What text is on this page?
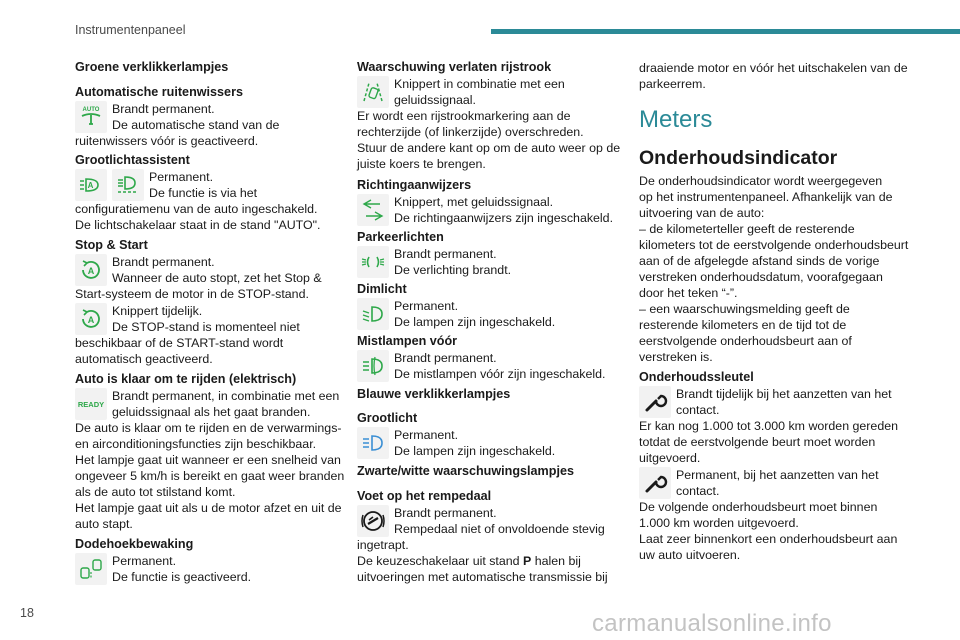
Instrumentenpaneel
Groene verklikkerlampjes
Automatische ruitenwissers
AUTO Brandt permanent.
De automatische stand van de
ruitenwissers vóór is geactiveerd.
Grootlichtassistent
A
Permanent.
De functie is via het
configuratiemenu van de auto ingeschakeld.
De lichtschakelaar staat in de stand "AUTO".
Stop & Start
A
Brandt permanent.
Wanneer de auto stopt, zet het Stop &
Start-systeem de motor in de STOP-stand.
A
Knippert tijdelijk.
De STOP-stand is momenteel niet
beschikbaar of de START-stand wordt
automatisch geactiveerd.
Auto is klaar om te rijden (elektrisch)
READY
Brandt permanent, in combinatie met een
geluidssignaal als het gaat branden.
De auto is klaar om te rijden en de verwarmings-
en airconditioningsfuncties zijn beschikbaar.
Het lampje gaat uit wanneer er een snelheid van
ongeveer 5 km/h is bereikt en gaat weer branden
als de auto tot stilstand komt.
Het lampje gaat uit als u de motor afzet en uit de
auto stapt.
Dodehoekbewaking
Permanent.
De functie is geactiveerd.
Waarschuwing verlaten rijstrook
Knippert in combinatie met een
geluidssignaal.
Er wordt een rijstrookmarkering aan de
rechterzijde (of linkerzijde) overschreden.
Stuur de andere kant op om de auto weer op de
juiste koers te brengen.
Richtingaanwijzers
Knippert, met geluidssignaal.
De richtingaanwijzers zijn ingeschakeld.
Parkeerlichten
Brandt permanent.
De verlichting brandt.
Dimlicht
Permanent.
De lampen zijn ingeschakeld.
Mistlampen vóór
Brandt permanent.
De mistlampen vóór zijn ingeschakeld.
Blauwe verklikkerlampjes
Grootlicht
Permanent.
De lampen zijn ingeschakeld.
Zwarte/witte waarschuwingslampjes
Voet op het rempedaal
Brandt permanent.
Rempedaal niet of onvoldoende stevig
ingetrapt.
De keuzeschakelaar uit stand P halen bij
uitvoeringen met automatische transmissie bij
draaiende motor en vóór het uitschakelen van de
parkeerrem.
Meters
Onderhoudsindicator
De onderhoudsindicator wordt weergegeven
op het instrumentenpaneel. Afhankelijk van de
uitvoering van de auto:
– de kilometerteller geeft de resterende
kilometers tot de eerstvolgende onderhoudsbeurt
aan of de afgelegde afstand sinds de vorige
verstreken onderhoudsdatum, voorafgegaan
door het teken “-”.
– een waarschuwingsmelding geeft de
resterende kilometers en de tijd tot de
eerstvolgende onderhoudsbeurt aan of
verstreken is.
Onderhoudssleutel
Brandt tijdelijk bij het aanzetten van het
contact.
Er kan nog 1.000 tot 3.000 km worden gereden
totdat de eerstvolgende beurt moet worden
uitgevoerd.
Permanent, bij het aanzetten van het
contact.
De volgende onderhoudsbeurt moet binnen
1.000 km worden uitgevoerd.
Laat zeer binnenkort een onderhoudsbeurt aan
uw auto uitvoeren.
18	carmanualsonline.info
